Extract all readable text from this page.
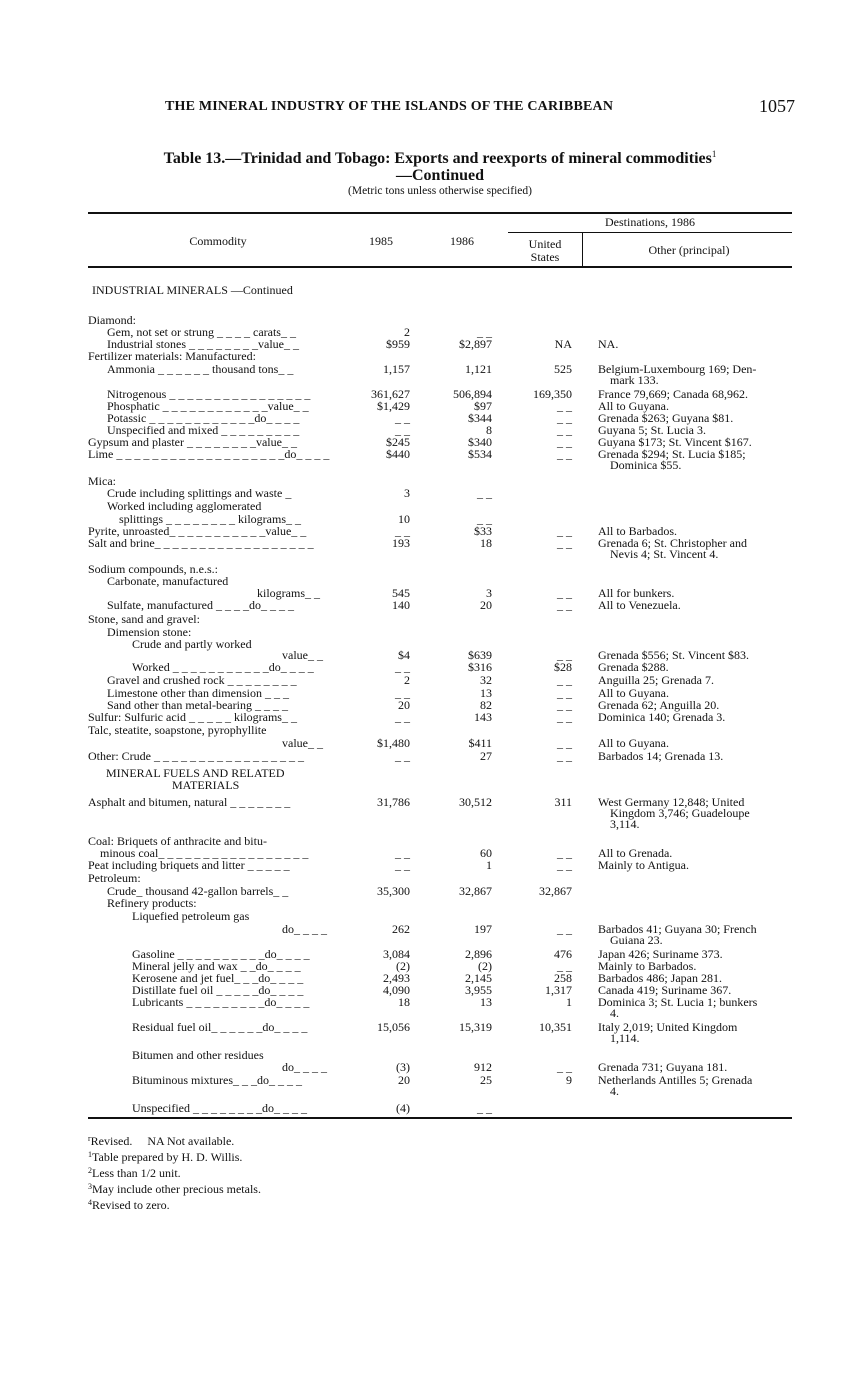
THE MINERAL INDUSTRY OF THE ISLANDS OF THE CARIBBEAN	1057
Table 13.—Trinidad and Tobago: Exports and reexports of mineral commodities$^1$
—Continued
(Metric tons unless otherwise specified)
Destinations, 1986
Commodity	1985	1986	United
States	Other (principal)
INDUSTRIAL MINERALS —Continued
Diamond:
Gem, not set or strung _ _ _ _ carats_ _	2	_ _
Industrial stones _ _ _ _ _ _ _ _value_ _	$959	$2,897	NA NA.
Fertilizer materials: Manufactured:
Ammonia _ _ _ _ _ _ thousand tons_ _	1,157	1,121	525 Belgium-Luxembourg 169; Den-
mark 133.
Nitrogenous _ _ _ _ _ _ _ _ _ _ _ _ _ _ _ _	361,627	506,894	169,350 France 79,669; Canada 68,962.
Phosphatic _ _ _ _ _ _ _ _ _ _ _ _value_ _	$1,429	$97	_ _ All to Guyana.
Potassic _ _ _ _ _ _ _ _ _ _ _ _do_ _ _ _	_ _	$344	_ _ Grenada $263; Guyana $81.
Unspecified and mixed _ _ _ _ _ _ _ _ _	_ _	8	_ _ Guyana 5; St. Lucia 3.
Gypsum and plaster _ _ _ _ _ _ _ _value_ _	$245	$340	_ _ Guyana $173; St. Vincent $167.
Lime _ _ _ _ _ _ _ _ _ _ _ _ _ _ _ _ _ _ _do_ _ _ _	$440	$534	_ _ Grenada $294; St. Lucia $185;
Dominica $55.
Mica:
Crude including splittings and waste _	3	_ _
Worked including agglomerated
splittings _ _ _ _ _ _ _ _ kilograms_ _	10	_ _
Pyrite, unroasted_ _ _ _ _ _ _ _ _ _ _value_ _	_ _	$33	_ _ All to Barbados.
Salt and brine_ _ _ _ _ _ _ _ _ _ _ _ _ _ _ _ _ _	193	18	_ _ Grenada 6; St. Christopher and
Nevis 4; St. Vincent 4.
Sodium compounds, n.e.s.:
Carbonate, manufactured
kilograms_ _	545	3	_ _ All for bunkers.
Sulfate, manufactured _ _ _ _do_ _ _ _	140	20	_ _ All to Venezuela.
Stone, sand and gravel:
Dimension stone:
Crude and partly worked
value_ _	$4	$639	_ _ Grenada $556; St. Vincent $83.
Worked _ _ _ _ _ _ _ _ _ _ _do_ _ _ _	_ _	$316	$28 Grenada $288.
Gravel and crushed rock _ _ _ _ _ _ _ _	2	32	_ _ Anguilla 25; Grenada 7.
Limestone other than dimension _ _ _	_ _	13	_ _ All to Guyana.
Sand other than metal-bearing _ _ _ _	20	82	_ _ Grenada 62; Anguilla 20.
Sulfur: Sulfuric acid _ _ _ _ _ kilograms_ _	_ _	143	_ _ Dominica 140; Grenada 3.
Talc, steatite, soapstone, pyrophyllite
value_ _	$1,480	$411	_ _ All to Guyana.
Other: Crude _ _ _ _ _ _ _ _ _ _ _ _ _ _ _ _ _	_ _	27	_ _ Barbados 14; Grenada 13.
MINERAL FUELS AND RELATED
MATERIALS
Asphalt and bitumen, natural _ _ _ _ _ _ _	31,786	30,512	311 West Germany 12,848; United
Kingdom 3,746; Guadeloupe
3,114.
Coal: Briquets of anthracite and bitu-
minous coal_ _ _ _ _ _ _ _ _ _ _ _ _ _ _ _ _	_ _	60	_ _ All to Grenada.
Peat including briquets and litter _ _ _ _ _	_ _	1	_ _ Mainly to Antigua.
Petroleum:
Crude_ thousand 42-gallon barrels_ _	35,300	32,867	32,867
Refinery products:
Liquefied petroleum gas
do_ _ _ _	262	197	_ _ Barbados 41; Guyana 30; French
Guiana 23.
Gasoline _ _ _ _ _ _ _ _ _ _do_ _ _ _	3,084	2,896	476 Japan 426; Suriname 373.
Mineral jelly and wax _ _do_ _ _ _	(2)	(2)	_ _ Mainly to Barbados.
Kerosene and jet fuel_ _ _do_ _ _ _	2,493	2,145	258 Barbados 486; Japan 281.
Distillate fuel oil _ _ _ _ _do_ _ _ _	4,090	3,955	1,317 Canada 419; Suriname 367.
Lubricants _ _ _ _ _ _ _ _ _do_ _ _ _	18	13	1 Dominica 3; St. Lucia 1; bunkers
4.
Residual fuel oil_ _ _ _ _ _do_ _ _ _	15,056	15,319	10,351 Italy 2,019; United Kingdom
1,114.
Bitumen and other residues
do_ _ _ _	(3)	912	_ _ Grenada 731; Guyana 181.
Bituminous mixtures_ _ _do_ _ _ _	20	25	9 Netherlands Antilles 5; Grenada
4.
Unspecified _ _ _ _ _ _ _ _do_ _ _ _	(4)	_ _
$^r$Revised.     NA Not available.
$^1$Table prepared by H. D. Willis.
$^2$Less than 1/2 unit.
$^3$May include other precious metals.
$^4$Revised to zero.
